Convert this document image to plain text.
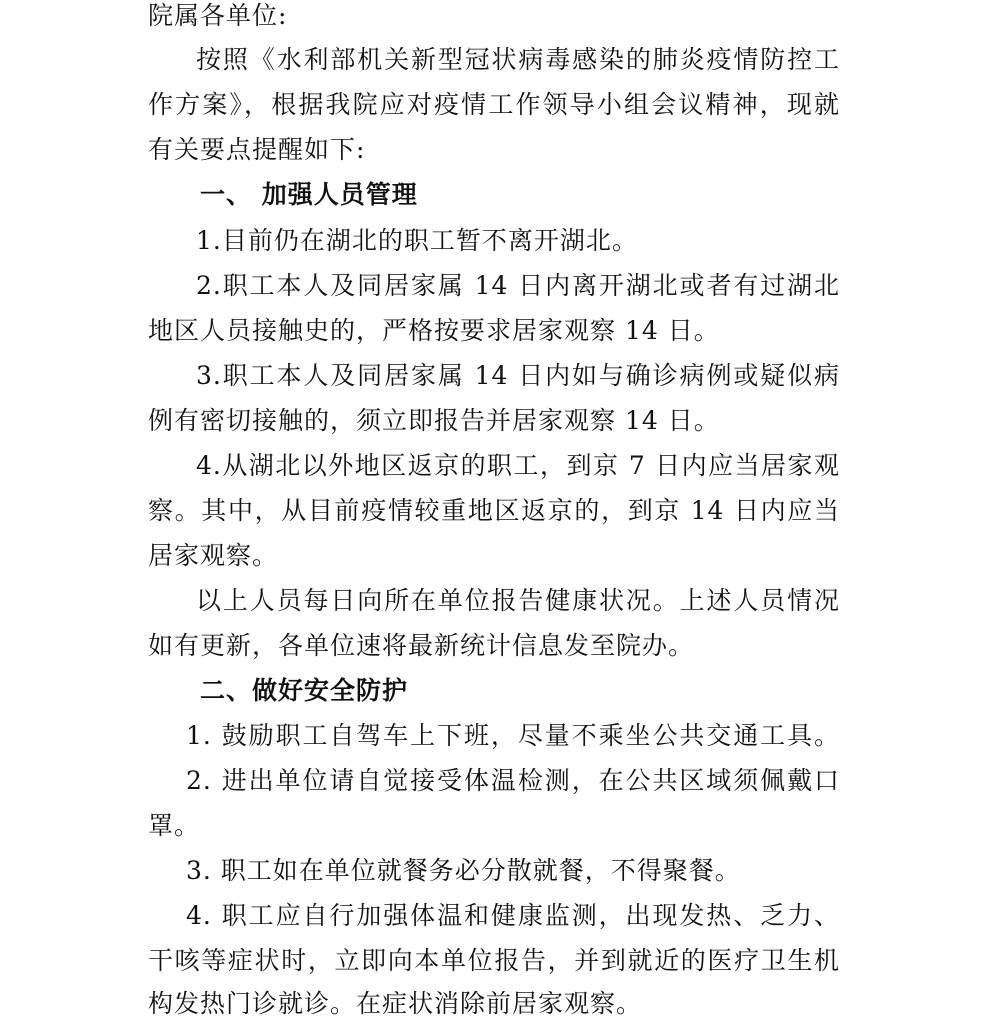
院属各单位:
按照《水利部机关新型冠状病毒感染的肺炎疫情防控工
作方案》，根据我院应对疫情工作领导小组会议精神，现就
有关要点提醒如下:
一、 加强人员管理
1.目前仍在湖北的职工暂不离开湖北。
2.职工本人及同居家属 14 日内离开湖北或者有过湖北
地区人员接触史的，严格按要求居家观察 14 日。
3.职工本人及同居家属 14 日内如与确诊病例或疑似病
例有密切接触的，须立即报告并居家观察 14 日。
4.从湖北以外地区返京的职工，到京 7 日内应当居家观
察。其中，从目前疫情较重地区返京的，到京 14 日内应当
居家观察。
以上人员每日向所在单位报告健康状况。上述人员情况
如有更新，各单位速将最新统计信息发至院办。
二、做好安全防护
1. 鼓励职工自驾车上下班，尽量不乘坐公共交通工具。
2. 进出单位请自觉接受体温检测，在公共区域须佩戴口
罩。
3. 职工如在单位就餐务必分散就餐，不得聚餐。
4. 职工应自行加强体温和健康监测，出现发热、乏力、
干咳等症状时，立即向本单位报告，并到就近的医疗卫生机
构发热门诊就诊。在症状消除前居家观察。
